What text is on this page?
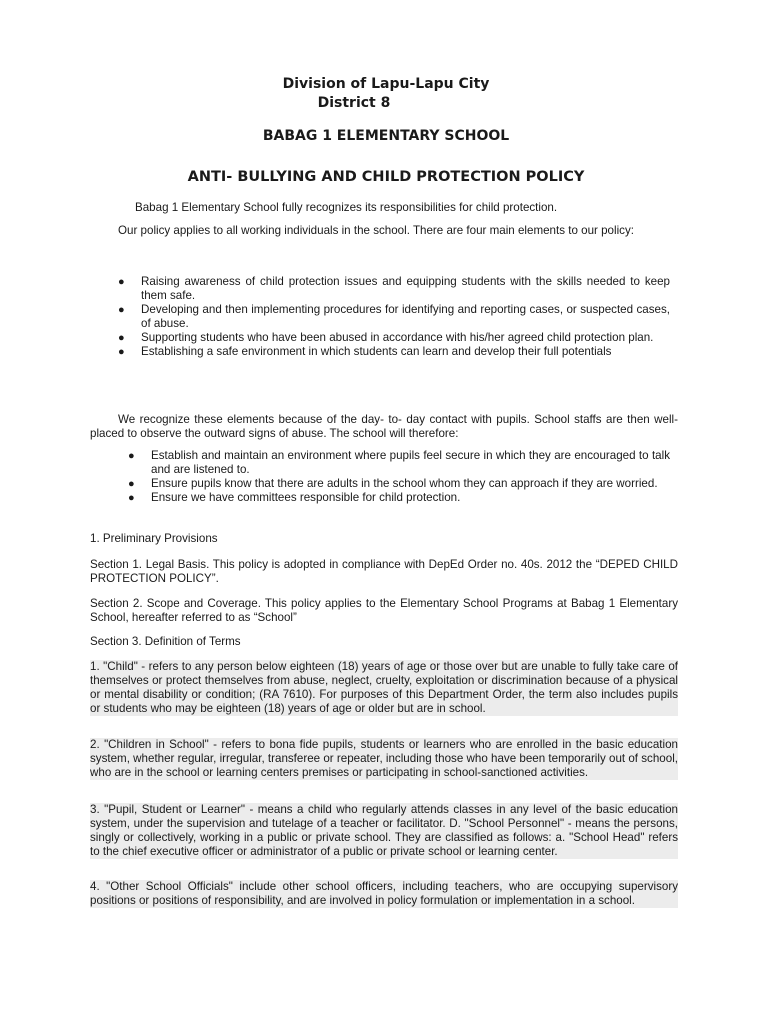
Division of Lapu-Lapu City
District 8
BABAG 1 ELEMENTARY SCHOOL
ANTI- BULLYING AND CHILD PROTECTION POLICY
Babag 1 Elementary School fully recognizes its responsibilities for child protection.
Our policy applies to all working individuals in the school. There are four main elements to our policy:
● Raising awareness of child protection issues and equipping students with the skills needed to keep them safe.
● Developing and then implementing procedures for identifying and reporting cases, or suspected cases, of abuse.
● Supporting students who have been abused in accordance with his/her agreed child protection plan.
● Establishing a safe environment in which students can learn and develop their full potentials
We recognize these elements because of the day- to- day contact with pupils. School staffs are then well- placed to observe the outward signs of abuse. The school will therefore:
● Establish and maintain an environment where pupils feel secure in which they are encouraged to talk and are listened to.
● Ensure pupils know that there are adults in the school whom they can approach if they are worried.
● Ensure we have committees responsible for child protection.
1. Preliminary Provisions
Section 1. Legal Basis. This policy is adopted in compliance with DepEd Order no. 40s. 2012 the “DEPED CHILD PROTECTION POLICY”.
Section 2. Scope and Coverage. This policy applies to the Elementary School Programs at Babag 1 Elementary School, hereafter referred to as “School”
Section 3. Definition of Terms
1. "Child" - refers to any person below eighteen (18) years of age or those over but are unable to fully take care of themselves or protect themselves from abuse, neglect, cruelty, exploitation or discrimination because of a physical or mental disability or condition; (RA 7610). For purposes of this Department Order, the term also includes pupils or students who may be eighteen (18) years of age or older but are in school.
2. "Children in School" - refers to bona fide pupils, students or learners who are enrolled in the basic education system, whether regular, irregular, transferee or repeater, including those who have been temporarily out of school, who are in the school or learning centers premises or participating in school-sanctioned activities.
3. "Pupil, Student or Learner" - means a child who regularly attends classes in any level of the basic education system, under the supervision and tutelage of a teacher or facilitator. D. "School Personnel" - means the persons, singly or collectively, working in a public or private school. They are classified as follows: a. "School Head" refers to the chief executive officer or administrator of a public or private school or learning center.
4. "Other School Officials" include other school officers, including teachers, who are occupying supervisory positions or positions of responsibility, and are involved in policy formulation or implementation in a school.
